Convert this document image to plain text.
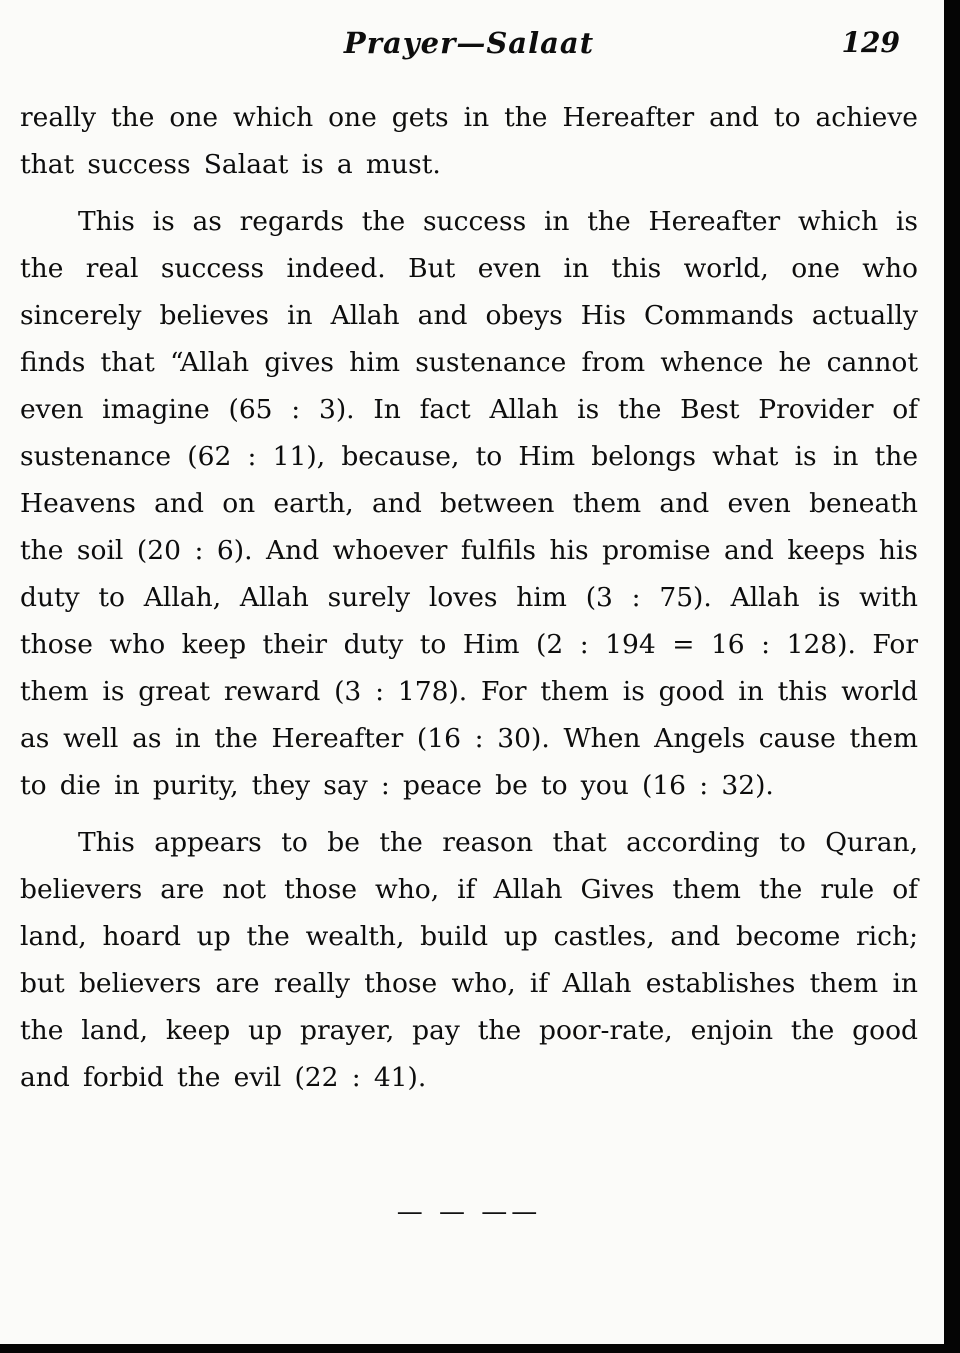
Prayer—Salaat	129

really the one which one gets in the Hereafter and to achieve that success Salaat is a must.

This is as regards the success in the Hereafter which is the real success indeed. But even in this world, one who sincerely believes in Allah and obeys His Commands actually finds that “Allah gives him sustenance from whence he cannot even imagine (65 : 3). In fact Allah is the Best Provider of sustenance (62 : 11), because, to Him belongs what is in the Heavens and on earth, and between them and even beneath the soil (20 : 6). And whoever fulfils his promise and keeps his duty to Allah, Allah surely loves him (3 : 75). Allah is with those who keep their duty to Him (2 : 194 = 16 : 128). For them is great reward (3 : 178). For them is good in this world as well as in the Hereafter (16 : 30). When Angels cause them to die in purity, they say : peace be to you (16 : 32).

This appears to be the reason that according to Quran, believers are not those who, if Allah Gives them the rule of land, hoard up the wealth, build up castles, and become rich; but believers are really those who, if Allah establishes them in the land, keep up prayer, pay the poor-rate, enjoin the good and forbid the evil (22 : 41).

— — ——
